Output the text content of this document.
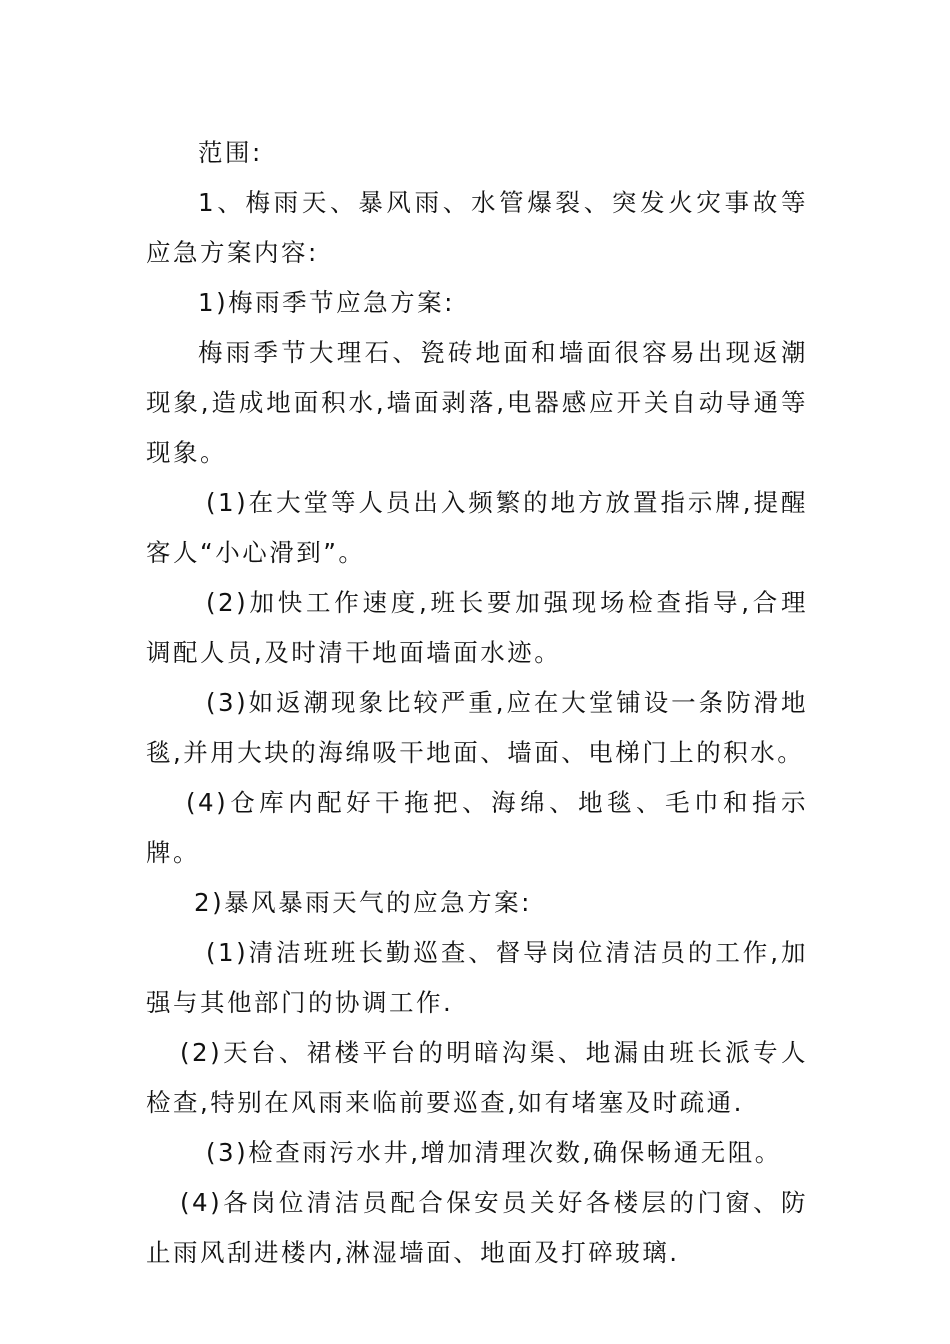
范围:

1、梅雨天、暴风雨、水管爆裂、突发火灾事故等应急方案内容:

1)梅雨季节应急方案:

梅雨季节大理石、瓷砖地面和墙面很容易出现返潮现象,造成地面积水,墙面剥落,电器感应开关自动导通等现象。

(1)在大堂等人员出入频繁的地方放置指示牌,提醒客人“小心滑到”。

(2)加快工作速度,班长要加强现场检查指导,合理调配人员,及时清干地面墙面水迹。

(3)如返潮现象比较严重,应在大堂铺设一条防滑地毯,并用大块的海绵吸干地面、墙面、电梯门上的积水。

(4)仓库内配好干拖把、海绵、地毯、毛巾和指示牌。

2)暴风暴雨天气的应急方案:

(1)清洁班班长勤巡查、督导岗位清洁员的工作,加强与其他部门的协调工作.

(2)天台、裙楼平台的明暗沟渠、地漏由班长派专人检查,特别在风雨来临前要巡查,如有堵塞及时疏通.

(3)检查雨污水井,增加清理次数,确保畅通无阻。

(4)各岗位清洁员配合保安员关好各楼层的门窗、防止雨风刮进楼内,淋湿墙面、地面及打碎玻璃.
